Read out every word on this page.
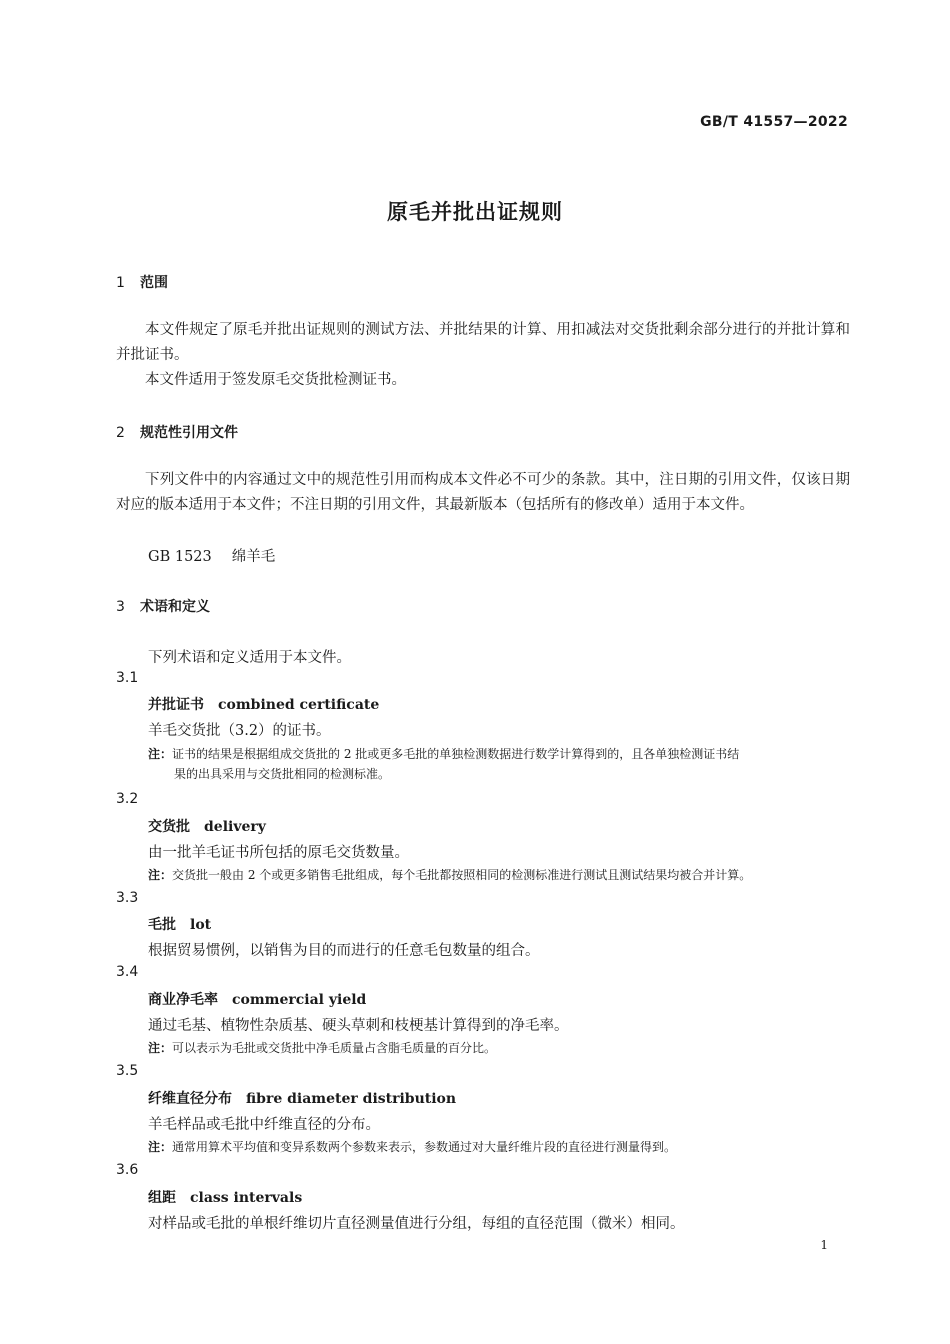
GB/T 41557—2022
原毛并批出证规则
1 范围
本文件规定了原毛并批出证规则的测试方法、并批结果的计算、用扣减法对交货批剩余部分进行的并批计算和并批证书。
本文件适用于签发原毛交货批检测证书。
2 规范性引用文件
下列文件中的内容通过文中的规范性引用而构成本文件必不可少的条款。其中，注日期的引用文件，仅该日期对应的版本适用于本文件；不注日期的引用文件，其最新版本（包括所有的修改单）适用于本文件。
GB 1523 绵羊毛
3 术语和定义
下列术语和定义适用于本文件。
3.1
并批证书 combined certificate
羊毛交货批（3.2）的证书。
注：证书的结果是根据组成交货批的 2 批或更多毛批的单独检测数据进行数学计算得到的，且各单独检测证书结
果的出具采用与交货批相同的检测标准。
3.2
交货批 delivery
由一批羊毛证书所包括的原毛交货数量。
注：交货批一般由 2 个或更多销售毛批组成，每个毛批都按照相同的检测标准进行测试且测试结果均被合并计算。
3.3
毛批 lot
根据贸易惯例，以销售为目的而进行的任意毛包数量的组合。
3.4
商业净毛率 commercial yield
通过毛基、植物性杂质基、硬头草刺和枝梗基计算得到的净毛率。
注：可以表示为毛批或交货批中净毛质量占含脂毛质量的百分比。
3.5
纤维直径分布 fibre diameter distribution
羊毛样品或毛批中纤维直径的分布。
注：通常用算术平均值和变异系数两个参数来表示，参数通过对大量纤维片段的直径进行测量得到。
3.6
组距 class intervals
对样品或毛批的单根纤维切片直径测量值进行分组，每组的直径范围（微米）相同。
1
